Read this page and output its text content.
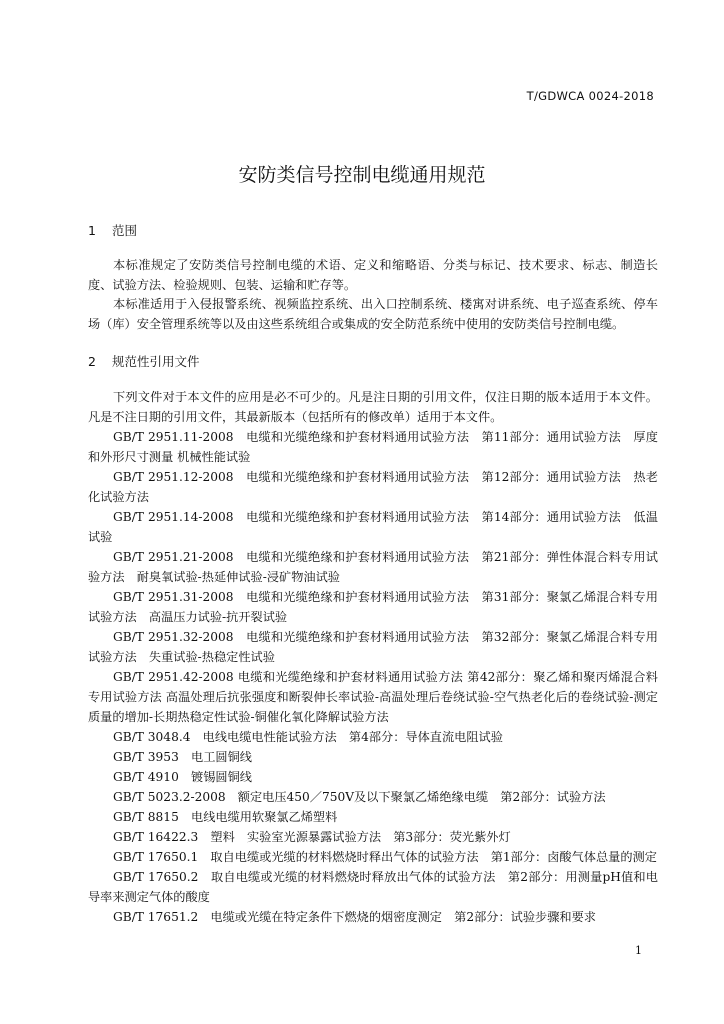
T/GDWCA 0024-2018
安防类信号控制电缆通用规范
1 范围

本标准规定了安防类信号控制电缆的术语、定义和缩略语、分类与标记、技术要求、标志、制造长度、试验方法、检验规则、包装、运输和贮存等。

本标准适用于入侵报警系统、视频监控系统、出入口控制系统、楼寓对讲系统、电子巡查系统、停车场（库）安全管理系统等以及由这些系统组合或集成的安全防范系统中使用的安防类信号控制电缆。

2 规范性引用文件

下列文件对于本文件的应用是必不可少的。凡是注日期的引用文件，仅注日期的版本适用于本文件。凡是不注日期的引用文件，其最新版本（包括所有的修改单）适用于本文件。

GB/T 2951.11-2008　电缆和光缆绝缘和护套材料通用试验方法　第11部分：通用试验方法　厚度和外形尺寸测量 机械性能试验

GB/T 2951.12-2008　电缆和光缆绝缘和护套材料通用试验方法　第12部分：通用试验方法　热老化试验方法

GB/T 2951.14-2008　电缆和光缆绝缘和护套材料通用试验方法　第14部分：通用试验方法　低温试验

GB/T 2951.21-2008　电缆和光缆绝缘和护套材料通用试验方法　第21部分：弹性体混合料专用试验方法　耐臭氧试验-热延伸试验-浸矿物油试验

GB/T 2951.31-2008　电缆和光缆绝缘和护套材料通用试验方法　第31部分：聚氯乙烯混合料专用试验方法　高温压力试验-抗开裂试验

GB/T 2951.32-2008　电缆和光缆绝缘和护套材料通用试验方法　第32部分：聚氯乙烯混合料专用试验方法　失重试验-热稳定性试验

GB/T 2951.42-2008 电缆和光缆绝缘和护套材料通用试验方法 第42部分：聚乙烯和聚丙烯混合料专用试验方法 高温处理后抗张强度和断裂伸长率试验-高温处理后卷绕试验-空气热老化后的卷绕试验-测定质量的增加-长期热稳定性试验-铜催化氧化降解试验方法

GB/T 3048.4　电线电缆电性能试验方法　第4部分：导体直流电阻试验

GB/T 3953　电工圆铜线

GB/T 4910　镀锡圆铜线

GB/T 5023.2-2008　额定电压450／750V及以下聚氯乙烯绝缘电缆　第2部分：试验方法

GB/T 8815　电线电缆用软聚氯乙烯塑料

GB/T 16422.3　塑料　实验室光源暴露试验方法　第3部分：荧光紫外灯

GB/T 17650.1　取自电缆或光缆的材料燃烧时释出气体的试验方法　第1部分：卤酸气体总量的测定

GB/T 17650.2　取自电缆或光缆的材料燃烧时释放出气体的试验方法　第2部分：用测量pH值和电导率来测定气体的酸度

GB/T 17651.2　电缆或光缆在特定条件下燃烧的烟密度测定　第2部分：试验步骤和要求

1
